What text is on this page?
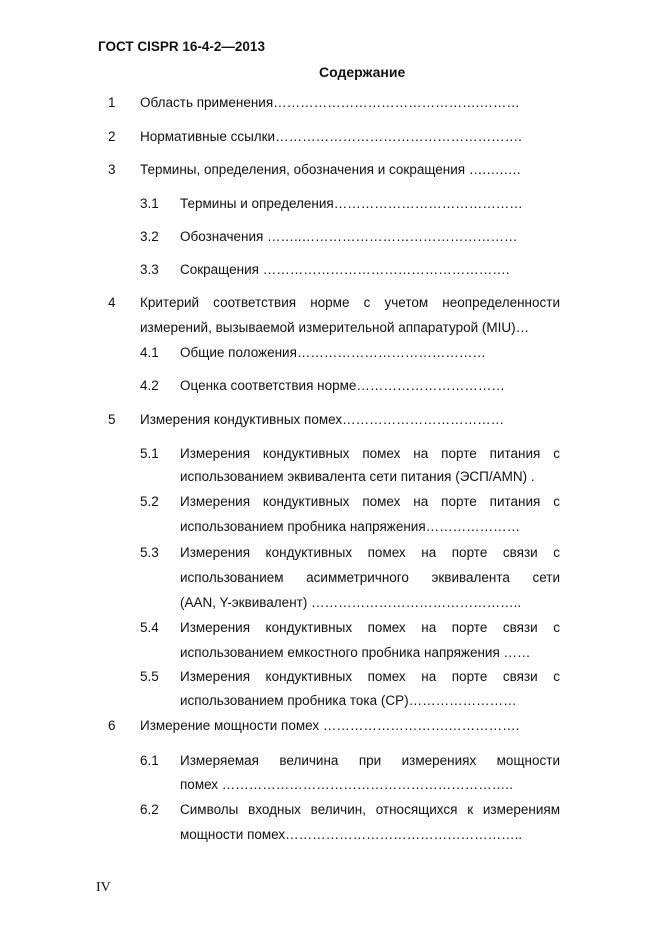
ГОСТ CISPR 16-4-2—2013
Содержание
1 Область применения……………………………………….………
2 Нормативные ссылки……………………………………………….
3 Термины, определения, обозначения и сокращения ….….….
3.1 Термины и определения……………………………………
3.2 Обозначения ……..…………………………………………
3.3 Сокращения ……………………………………………….
4 Критерий соответствия норме с учетом неопределенности
измерений, вызываемой измерительной аппаратурой (MIU)…
4.1 Общие положения……………………………………
4.2 Оценка соответствия норме……………………………
5 Измерения кондуктивных помех………………………………
5.1 Измерения кондуктивных помех на порте питания с
использованием эквивалента сети питания (ЭСП/AMN) .
5.2 Измерения кондуктивных помех на порте питания с
использованием пробника напряжения…………………
5.3 Измерения кондуктивных помех на порте связи с
использованием асимметричного эквивалента сети
(AAN, Y-эквивалент) ………………………………………..
5.4 Измерения кондуктивных помех на порте связи с
использованием емкостного пробника напряжения ……
5.5 Измерения кондуктивных помех на порте связи с
использованием пробника тока (CP)……………………
6 Измерение мощности помех ……………………….…………….
6.1 Измеряемая величина при измерениях мощности
помех ………………………………………………………..
6.2 Символы входных величин, относящихся к измерениям
мощности помех……………………………………………..
IV
